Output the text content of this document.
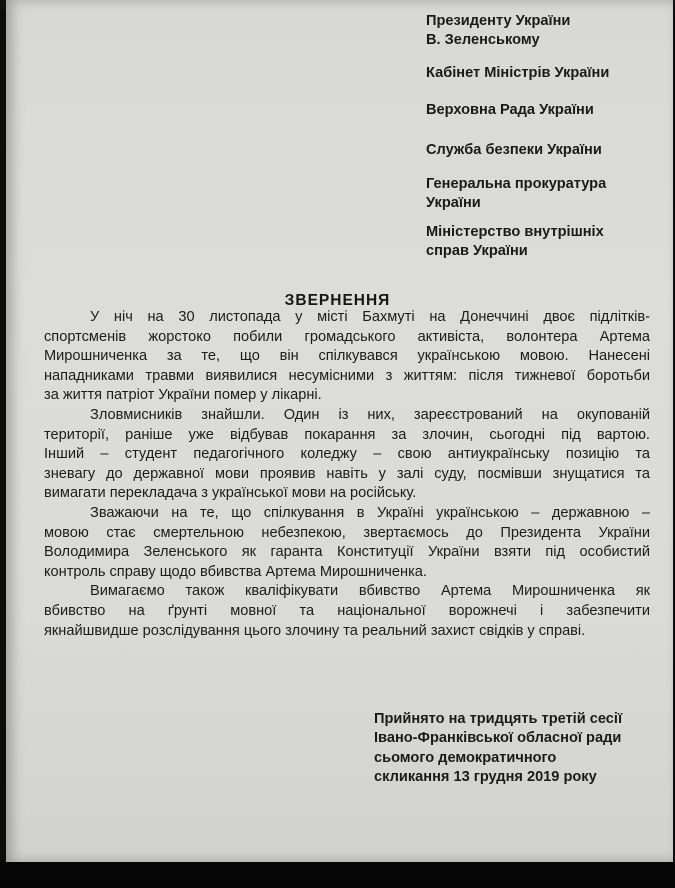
Президенту України
В. Зеленському
Кабінет Міністрів України
Верховна Рада України
Служба безпеки України
Генеральна прокуратура
України
Міністерство внутрішніх
справ України
ЗВЕРНЕННЯ
У ніч на 30 листопада у місті Бахмуті на Донеччині двоє підлітків-
спортсменів жорстоко побили громадського активіста, волонтера Артема
Мирошниченка за те, що він спілкувався українською мовою. Нанесені
нападниками травми виявилися несумісними з життям: після тижневої боротьби
за життя патріот України помер у лікарні.
Зловмисників знайшли. Один із них, зареєстрований на окупованій
території, раніше уже відбував покарання за злочин, сьогодні під вартою.
Інший – студент педагогічного коледжу – свою антиукраїнську позицію та
зневагу до державної мови проявив навіть у залі суду, посмівши знущатися та
вимагати перекладача з української мови на російську.
Зважаючи на те, що спілкування в Україні українською – державною –
мовою стає смертельною небезпекою, звертаємось до Президента України
Володимира Зеленського як гаранта Конституції України взяти під особистий
контроль справу щодо вбивства Артема Мирошниченка.
Вимагаємо також кваліфікувати вбивство Артема Мирошниченка як
вбивство на ґрунті мовної та національної ворожнечі і забезпечити
якнайшвидше розслідування цього злочину та реальний захист свідків у справі.
Прийнято на тридцять третій сесії
Івано-Франківської обласної ради
сьомого демократичного
скликання 13 грудня 2019 року
